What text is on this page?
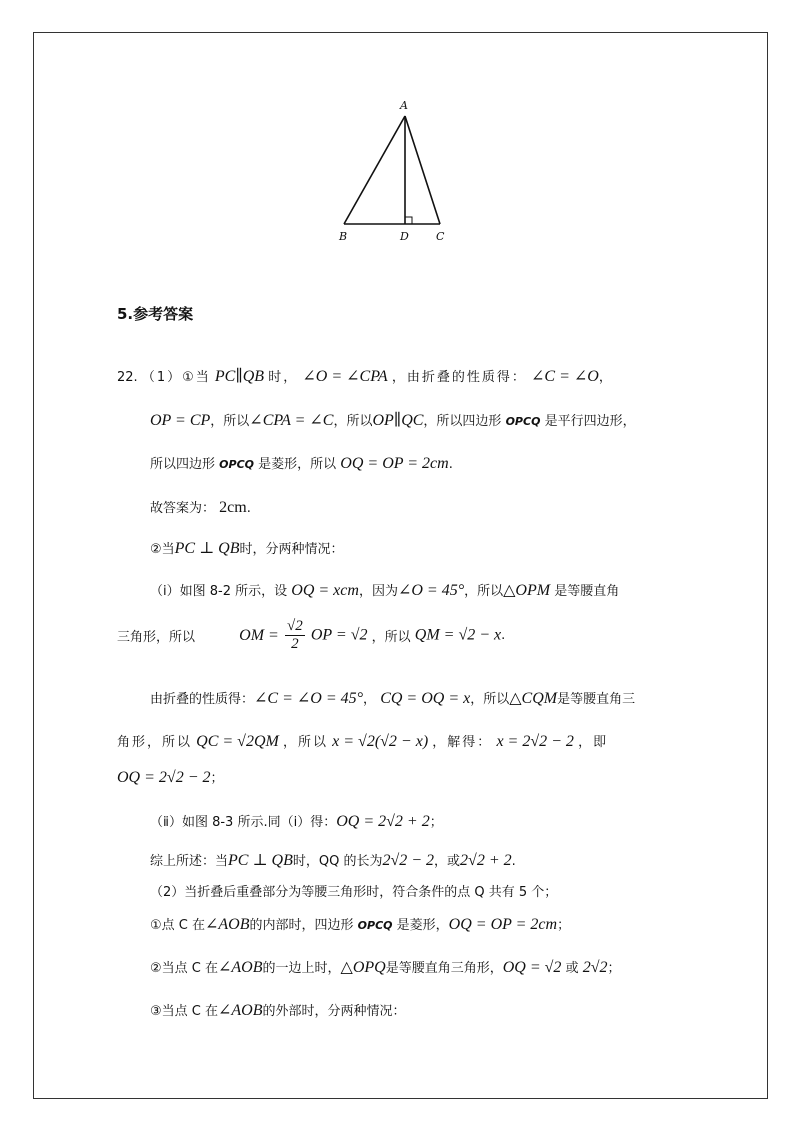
A
B	D C
5.参考答案
22. （1）①当 PC∥QB 时， ∠O = ∠CPA ，由折叠的性质得： ∠C = ∠O，
OP = CP，所以∠CPA = ∠C，所以OP∥QC，所以四边形 OPCQ 是平行四边形，
所以四边形 OPCQ 是菱形，所以 OQ = OP = 2cm.
故答案为： 2cm.
②当PC ⊥ QB时，分两种情况：
（ⅰ）如图 8-2 所示，设 OQ = xcm，因为∠O = 45°，所以△OPM 是等腰直角
三角形，所以	OM = $\frac{√2}{2}$ OP = √2 ，所以 QM = √2 − x.
由折叠的性质得：∠C = ∠O = 45°， CQ = OQ = x，所以△CQM是等腰直角三
角形，所以 QC = √2QM ，所以 x = √2(√2 − x) ，解得： x = 2√2 − 2 ，即
OQ = 2√2 − 2；
（ⅱ）如图 8-3 所示.同（ⅰ）得：OQ = 2√2 + 2；
综上所述：当PC ⊥ QB时，QQ 的长为2√2 − 2，或2√2 + 2.
（2）当折叠后重叠部分为等腰三角形时，符合条件的点 Q 共有 5 个；
①点 C 在∠AOB的内部时，四边形 OPCQ 是菱形，OQ = OP = 2cm；
②当点 C 在∠AOB的一边上时，△OPQ是等腰直角三角形，OQ = √2 或 2√2；
③当点 C 在∠AOB的外部时，分两种情况：
